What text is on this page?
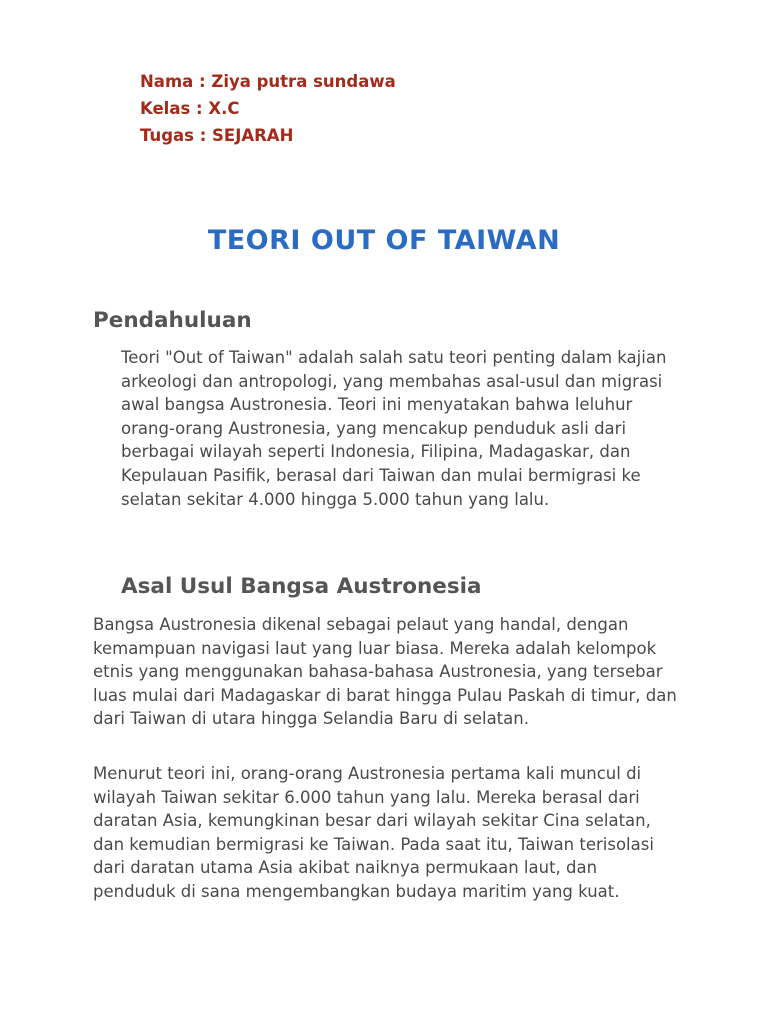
Nama : Ziya putra sundawa
Kelas : X.C
Tugas : SEJARAH
TEORI OUT OF TAIWAN
Pendahuluan

Teori "Out of Taiwan" adalah salah satu teori penting dalam kajian arkeologi dan antropologi, yang membahas asal-usul dan migrasi awal bangsa Austronesia. Teori ini menyatakan bahwa leluhur orang-orang Austronesia, yang mencakup penduduk asli dari berbagai wilayah seperti Indonesia, Filipina, Madagaskar, dan Kepulauan Pasifik, berasal dari Taiwan dan mulai bermigrasi ke selatan sekitar 4.000 hingga 5.000 tahun yang lalu.

Asal Usul Bangsa Austronesia

Bangsa Austronesia dikenal sebagai pelaut yang handal, dengan kemampuan navigasi laut yang luar biasa. Mereka adalah kelompok etnis yang menggunakan bahasa-bahasa Austronesia, yang tersebar luas mulai dari Madagaskar di barat hingga Pulau Paskah di timur, dan dari Taiwan di utara hingga Selandia Baru di selatan.

Menurut teori ini, orang-orang Austronesia pertama kali muncul di wilayah Taiwan sekitar 6.000 tahun yang lalu. Mereka berasal dari daratan Asia, kemungkinan besar dari wilayah sekitar Cina selatan, dan kemudian bermigrasi ke Taiwan. Pada saat itu, Taiwan terisolasi dari daratan utama Asia akibat naiknya permukaan laut, dan penduduk di sana mengembangkan budaya maritim yang kuat.
